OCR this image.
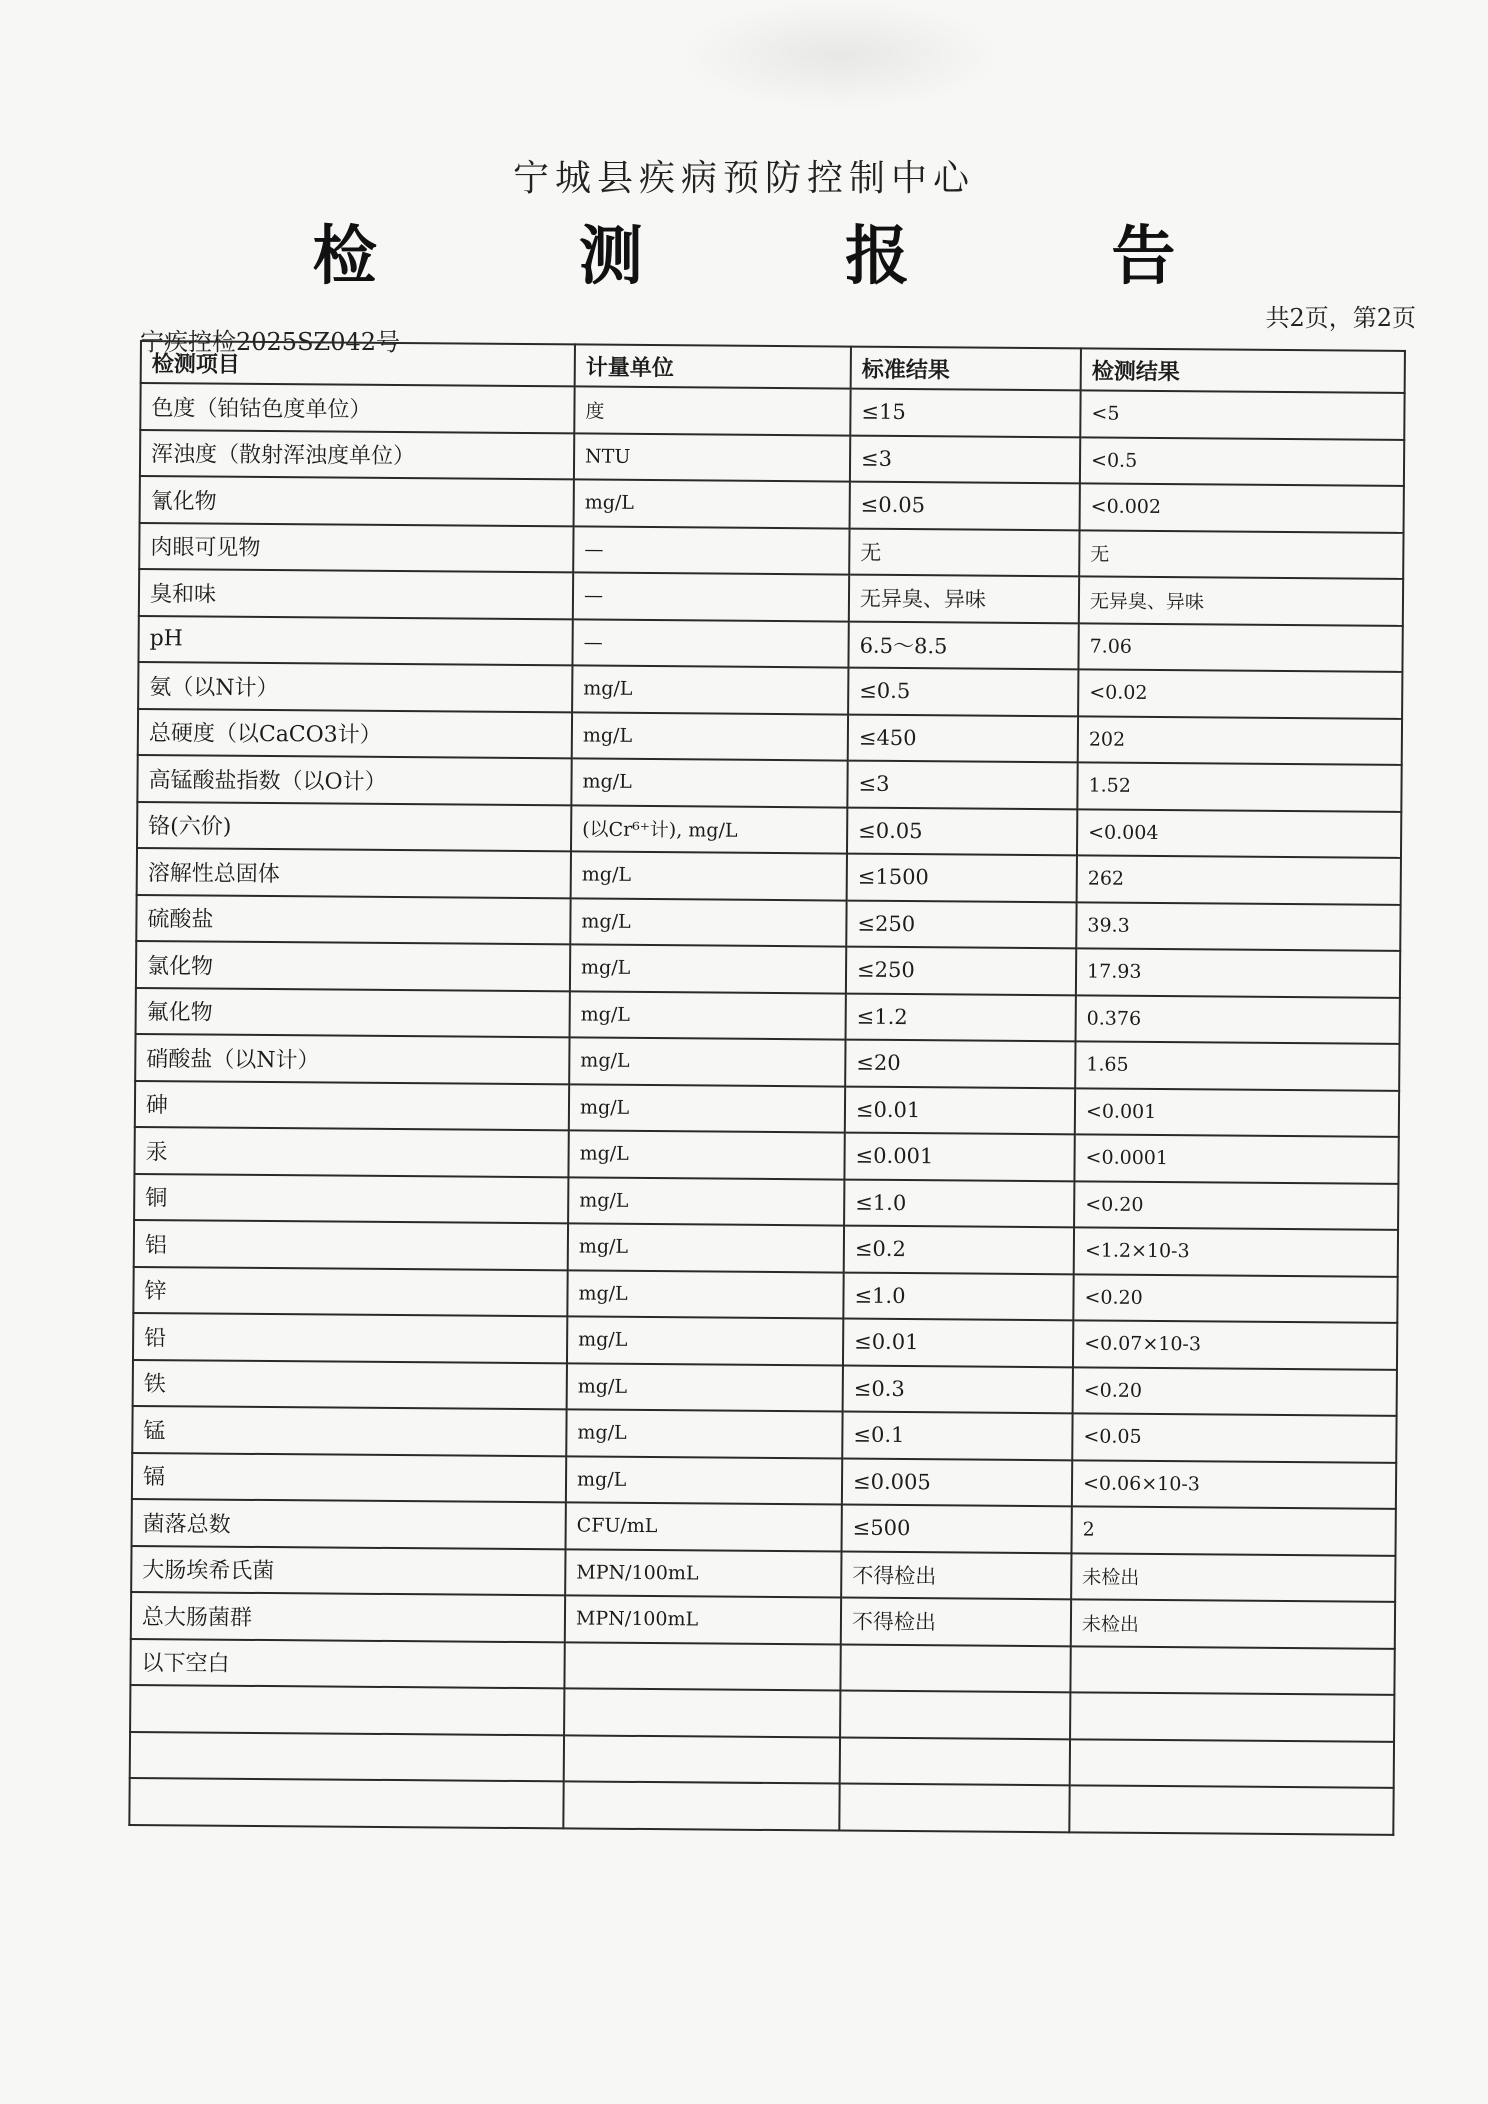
宁城县疾病预防控制中心
检 测 报 告
共2页，第2页
宁疾控检2025SZ042号
检测项目	计量单位	标准结果	检测结果
色度（铂钴色度单位）	度	≤15	<5
浑浊度（散射浑浊度单位）	NTU	≤3	<0.5
氰化物	mg/L	≤0.05	<0.002
肉眼可见物	—	无	无
臭和味	—	无异臭、异味	无异臭、异味
pH	—	6.5～8.5	7.06
氨（以N计）	mg/L	≤0.5	<0.02
总硬度（以CaCO3计）	mg/L	≤450	202
高锰酸盐指数（以O计）	mg/L	≤3	1.52
铬(六价)	(以Cr⁶⁺计), mg/L	≤0.05	<0.004
溶解性总固体	mg/L	≤1500	262
硫酸盐	mg/L	≤250	39.3
氯化物	mg/L	≤250	17.93
氟化物	mg/L	≤1.2	0.376
硝酸盐（以N计）	mg/L	≤20	1.65
砷	mg/L	≤0.01	<0.001
汞	mg/L	≤0.001	<0.0001
铜	mg/L	≤1.0	<0.20
铝	mg/L	≤0.2	<1.2×10-3
锌	mg/L	≤1.0	<0.20
铅	mg/L	≤0.01	<0.07×10-3
铁	mg/L	≤0.3	<0.20
锰	mg/L	≤0.1	<0.05
镉	mg/L	≤0.005	<0.06×10-3
菌落总数	CFU/mL	≤500	2
大肠埃希氏菌	MPN/100mL	不得检出	未检出
总大肠菌群	MPN/100mL	不得检出	未检出
以下空白			
